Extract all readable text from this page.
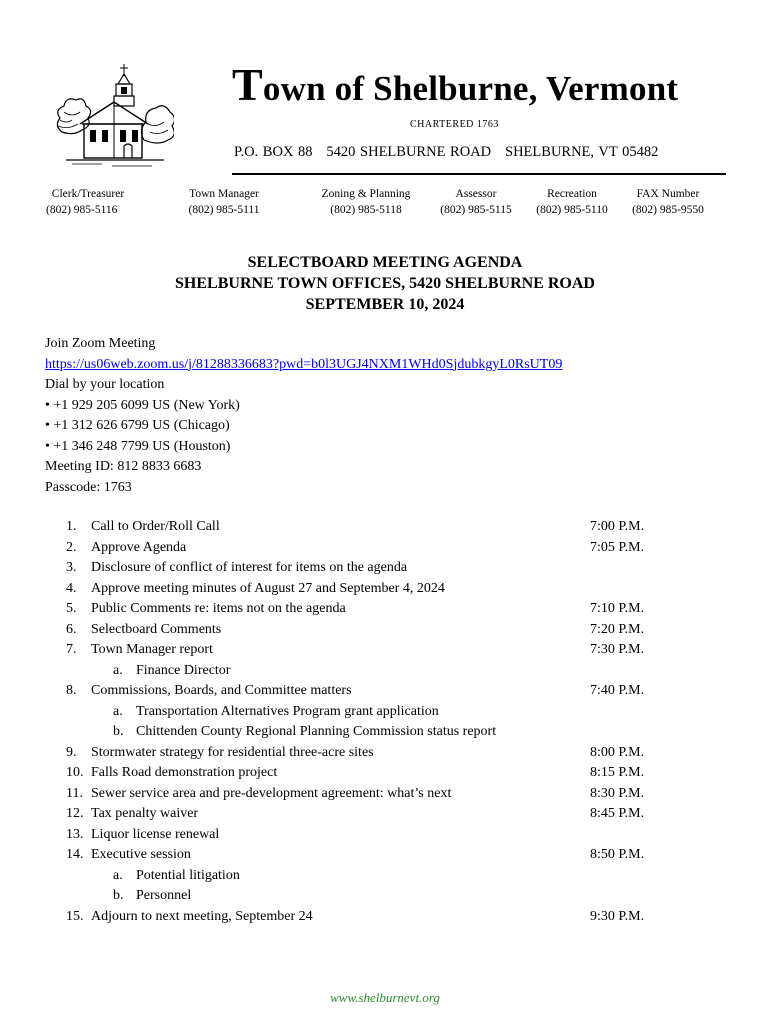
Town of Shelburne, Vermont
CHARTERED 1763
P.O. BOX 88   5420 SHELBURNE ROAD   SHELBURNE, VT 05482
Clerk/Treasurer
(802) 985-5116
Town Manager
(802) 985-5111
Zoning & Planning
(802) 985-5118
Assessor
(802) 985-5115
Recreation
(802) 985-5110
FAX Number
(802) 985-9550
SELECTBOARD MEETING AGENDA
SHELBURNE TOWN OFFICES, 5420 SHELBURNE ROAD
SEPTEMBER 10, 2024
Join Zoom Meeting
https://us06web.zoom.us/j/81288336683?pwd=b0l3UGJ4NXM1WHd0SjdubkgyL0RsUT09
Dial by your location
• +1 929 205 6099 US (New York)
• +1 312 626 6799 US (Chicago)
• +1 346 248 7799 US (Houston)
Meeting ID: 812 8833 6683
Passcode: 1763
1.	Call to Order/Roll Call	7:00 P.M.
2.	Approve Agenda	7:05 P.M.
3.	Disclosure of conflict of interest for items on the agenda
4.	Approve meeting minutes of August 27 and September 4, 2024
5.	Public Comments re: items not on the agenda	7:10 P.M.
6.	Selectboard Comments	7:20 P.M.
7.	Town Manager report	7:30 P.M.
a. Finance Director
8.	Commissions, Boards, and Committee matters	7:40 P.M.
a. Transportation Alternatives Program grant application
b. Chittenden County Regional Planning Commission status report
9.	Stormwater strategy for residential three-acre sites	8:00 P.M.
10. Falls Road demonstration project	8:15 P.M.
11. Sewer service area and pre-development agreement: what’s next	8:30 P.M.
12. Tax penalty waiver	8:45 P.M.
13. Liquor license renewal
14. Executive session	8:50 P.M.
a. Potential litigation
b. Personnel
15. Adjourn to next meeting, September 24	9:30 P.M.
www.shelburnevt.org
